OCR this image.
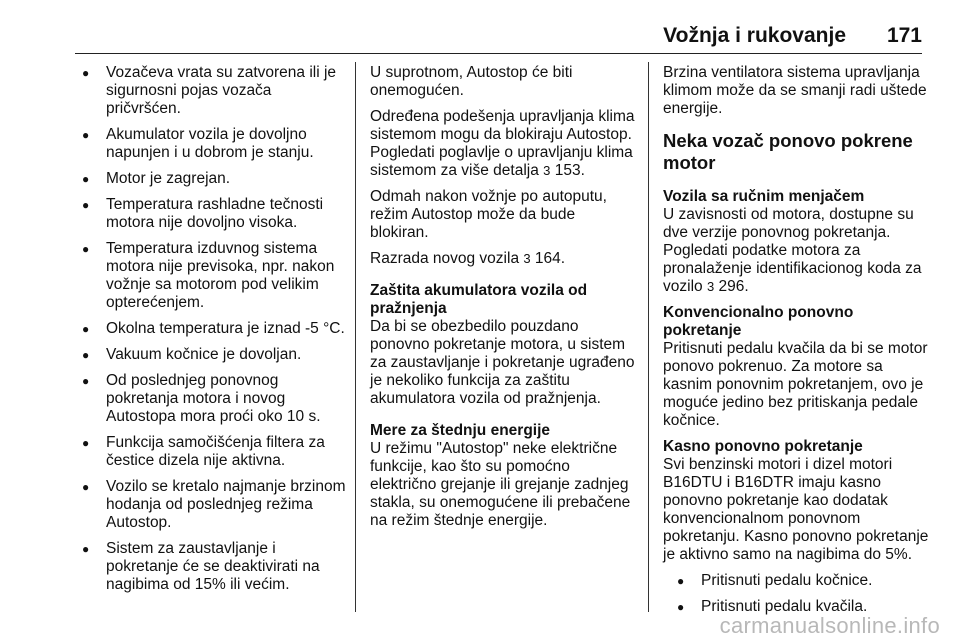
Vožnja i rukovanje 171
● Vozačeva vrata su zatvorena ili je sigurnosni pojas vozača pričvršćen.
● Akumulator vozila je dovoljno napunjen i u dobrom je stanju.
● Motor je zagrejan.
● Temperatura rashladne tečnosti motora nije dovoljno visoka.
● Temperatura izduvnog sistema motora nije previsoka, npr. nakon vožnje sa motorom pod velikim opterećenjem.
● Okolna temperatura je iznad -5 °C.
● Vakuum kočnice je dovoljan.
● Od poslednjeg ponovnog pokretanja motora i novog Autostopa mora proći oko 10 s.
● Funkcija samočišćenja filtera za čestice dizela nije aktivna.
● Vozilo se kretalo najmanje brzinom hodanja od poslednjeg režima Autostop.
● Sistem za zaustavljanje i pokretanje će se deaktivirati na nagibima od 15% ili većim.

U suprotnom, Autostop će biti onemogućen.

Određena podešenja upravljanja klima sistemom mogu da blokiraju Autostop. Pogledati poglavlje o upravljanju klima sistemom za više detalja 3 153.

Odmah nakon vožnje po autoputu, režim Autostop može da bude blokiran.

Razrada novog vozila 3 164.

Zaštita akumulatora vozila od pražnjenja

Da bi se obezbedilo pouzdano ponovno pokretanje motora, u sistem za zaustavljanje i pokretanje ugrađeno je nekoliko funkcija za zaštitu akumulatora vozila od pražnjenja.

Mere za štednju energije

U režimu "Autostop" neke električne funkcije, kao što su pomoćno električno grejanje ili grejanje zadnjeg stakla, su onemogućene ili prebačene na režim štednje energije.

Brzina ventilatora sistema upravljanja klimom može da se smanji radi uštede energije.

Neka vozač ponovo pokrene motor

Vozila sa ručnim menjačem

U zavisnosti od motora, dostupne su dve verzije ponovnog pokretanja. Pogledati podatke motora za pronalaženje identifikacionog koda za vozilo 3 296.

Konvencionalno ponovno pokretanje

Pritisnuti pedalu kvačila da bi se motor ponovo pokrenuo. Za motore sa kasnim ponovnim pokretanjem, ovo je moguće jedino bez pritiskanja pedale kočnice.

Kasno ponovno pokretanje

Svi benzinski motori i dizel motori B16DTU i B16DTR imaju kasno ponovno pokretanje kao dodatak konvencionalnom ponovnom pokretanju. Kasno ponovno pokretanje je aktivno samo na nagibima do 5%.

● Pritisnuti pedalu kočnice.
● Pritisnuti pedalu kvačila.
carmanualsonline.info
